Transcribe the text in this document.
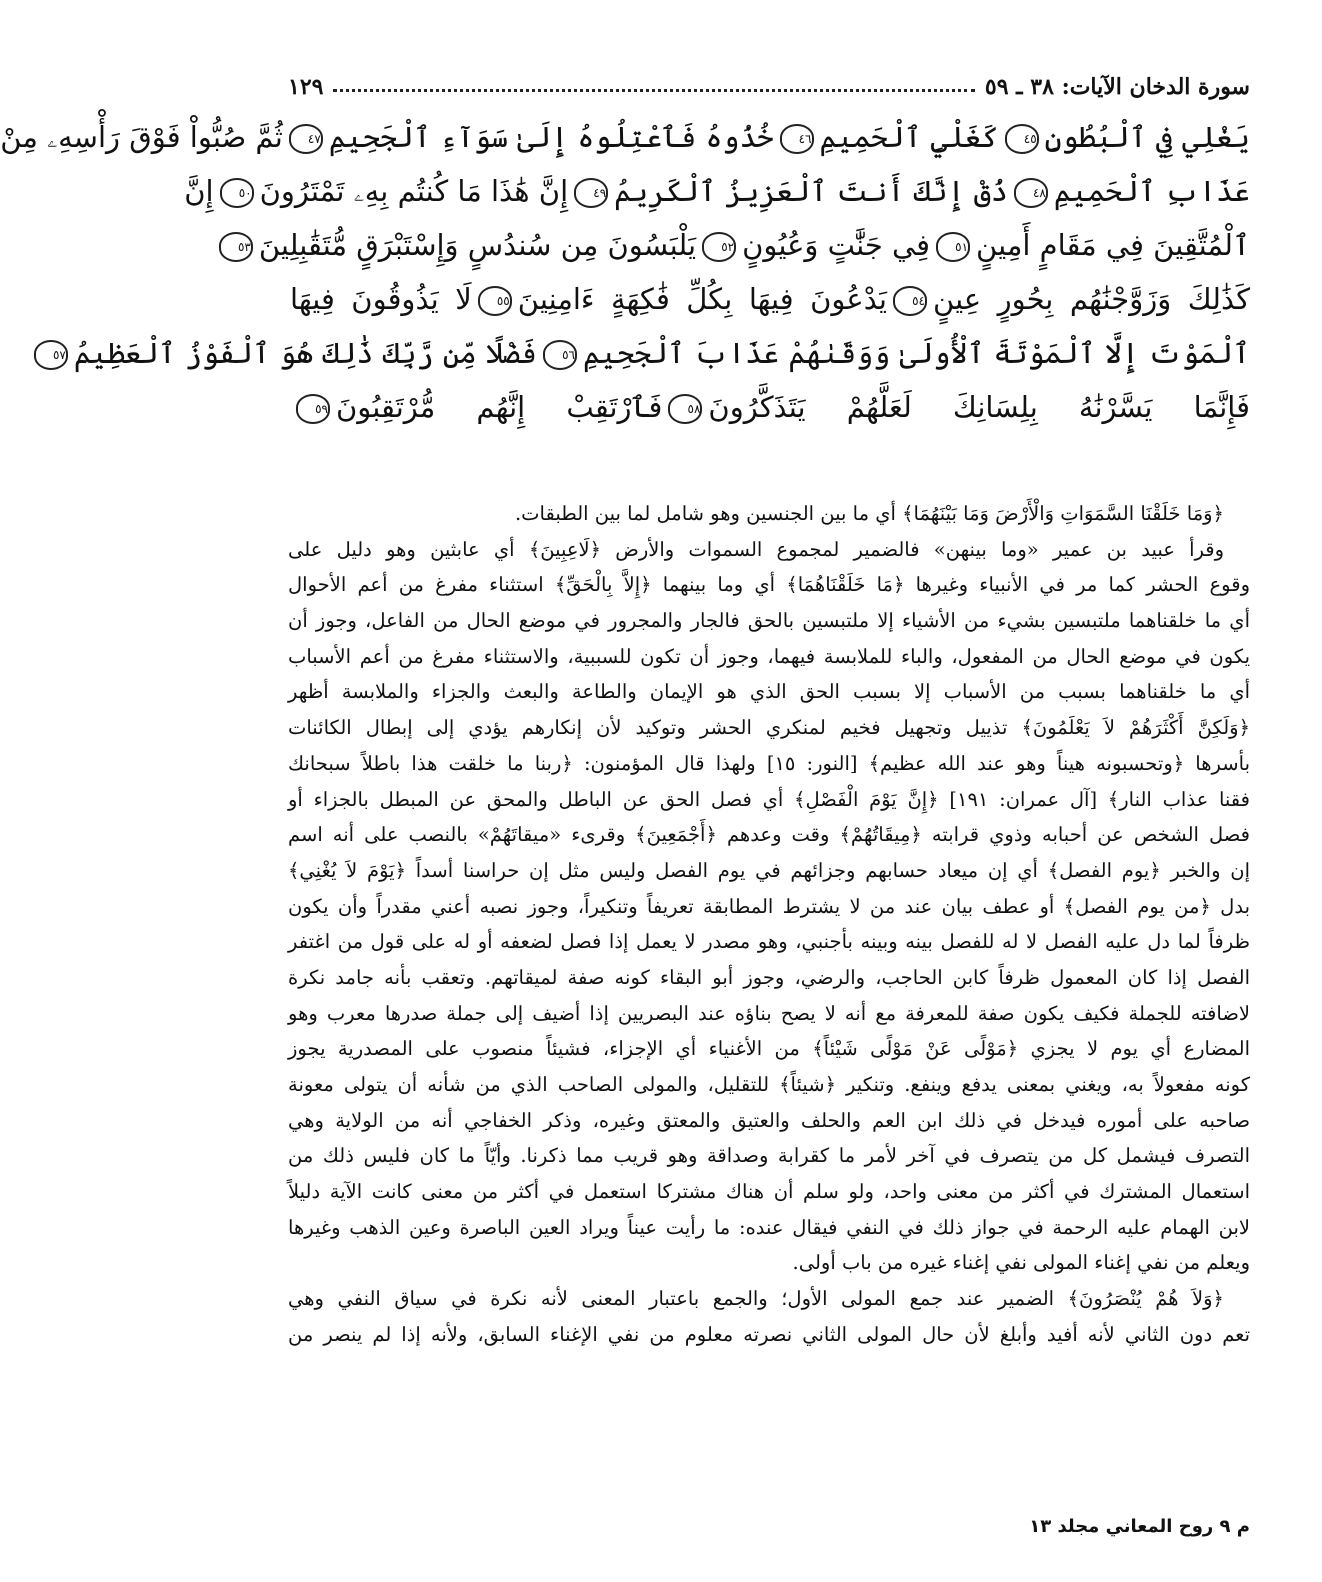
سورة الدخان الآيات: ٣٨ ـ ٥٩
١٢٩
يَغْلِي فِي ٱلْبُطُونِ٤٥كَغَلْيِ ٱلْحَمِيمِ٤٦خُذُوهُ فَٱعْتِلُوهُ إِلَىٰ سَوَآءِ ٱلْجَحِيمِ٤٧ثُمَّ صُبُّواْ فَوْقَ رَأْسِهِۦ مِنْ
عَذَابِ ٱلْحَمِيمِ٤٨ذُقْ إِنَّكَ أَنتَ ٱلْعَزِيزُ ٱلْكَرِيمُ٤٩إِنَّ هَٰذَا مَا كُنتُم بِهِۦ تَمْتَرُونَ٥٠إِنَّ
ٱلْمُتَّقِينَ فِي مَقَامٍ أَمِينٍ٥١فِي جَنَّٰتٍ وَعُيُونٍ٥٢يَلْبَسُونَ مِن سُندُسٍ وَإِسْتَبْرَقٍ مُّتَقَٰبِلِينَ٥٣
كَذَٰلِكَ وَزَوَّجْنَٰهُم بِحُورٍ عِينٍ٥٤يَدْعُونَ فِيهَا بِكُلِّ فَٰكِهَةٍ ءَامِنِينَ٥٥لَا يَذُوقُونَ فِيهَا
ٱلْمَوْتَ إِلَّا ٱلْمَوْتَةَ ٱلْأُولَىٰ وَوَقَىٰهُمْ عَذَابَ ٱلْجَحِيمِ٥٦فَضْلًا مِّن رَّبِّكَ ذَٰلِكَ هُوَ ٱلْفَوْزُ ٱلْعَظِيمُ٥٧
فَإِنَّمَا يَسَّرْنَٰهُ بِلِسَانِكَ لَعَلَّهُمْ يَتَذَكَّرُونَ٥٨فَٱرْتَقِبْ إِنَّهُم مُّرْتَقِبُونَ٥٩
﴿وَمَا خَلَقْنَا السَّمَوَاتِ وَالْأَرْضَ وَمَا بَيْنَهُمَا﴾ أي ما بين الجنسين وهو شامل لما بين الطبقات.
وقرأ عبيد بن عمير «وما بينهن» فالضمير لمجموع السموات والأرض ﴿لَاعِبِينَ﴾ أي عابثين وهو دليل على
وقوع الحشر كما مر في الأنبياء وغيرها ﴿مَا خَلَقْنَاهُمَا﴾ أي وما بينهما ﴿إِلاَّ بِالْحَقِّ﴾ استثناء مفرغ من أعم الأحوال
أي ما خلقناهما ملتبسين بشيء من الأشياء إلا ملتبسين بالحق فالجار والمجرور في موضع الحال من الفاعل، وجوز أن
يكون في موضع الحال من المفعول، والباء للملابسة فيهما، وجوز أن تكون للسببية، والاستثناء مفرغ من أعم الأسباب
أي ما خلقناهما بسبب من الأسباب إلا بسبب الحق الذي هو الإيمان والطاعة والبعث والجزاء والملابسة أظهر
﴿وَلَكِنَّ أَكْثَرَهُمْ لاَ يَعْلَمُونَ﴾ تذييل وتجهيل فخيم لمنكري الحشر وتوكيد لأن إنكارهم يؤدي إلى إبطال الكائنات
بأسرها ﴿وتحسبونه هيناً وهو عند الله عظيم﴾ [النور: ١٥] ولهذا قال المؤمنون: ﴿ربنا ما خلقت هذا باطلاً سبحانك
فقنا عذاب النار﴾ [آل عمران: ١٩١] ﴿إِنَّ يَوْمَ الْفَصْلِ﴾ أي فصل الحق عن الباطل والمحق عن المبطل بالجزاء أو
فصل الشخص عن أحبابه وذوي قرابته ﴿مِيقَاتُهُمْ﴾ وقت وعدهم ﴿أَجْمَعِينَ﴾ وقرىء «ميقاتَهُمْ» بالنصب على أنه اسم
إن والخبر ﴿يوم الفصل﴾ أي إن ميعاد حسابهم وجزائهم في يوم الفصل وليس مثل إن حراسنا أسداً ﴿يَوْمَ لاَ يُغْنِي﴾
بدل ﴿من يوم الفصل﴾ أو عطف بيان عند من لا يشترط المطابقة تعريفاً وتنكيراً، وجوز نصبه أعني مقدراً وأن يكون
ظرفاً لما دل عليه الفصل لا له للفصل بينه وبينه بأجنبي، وهو مصدر لا يعمل إذا فصل لضعفه أو له على قول من اغتفر
الفصل إذا كان المعمول ظرفاً كابن الحاجب، والرضي، وجوز أبو البقاء كونه صفة لميقاتهم. وتعقب بأنه جامد نكرة
لاضافته للجملة فكيف يكون صفة للمعرفة مع أنه لا يصح بناؤه عند البصريين إذا أضيف إلى جملة صدرها معرب وهو
المضارع أي يوم لا يجزي ﴿مَوْلًى عَنْ مَوْلًى شَيْئاً﴾ من الأغنياء أي الإجزاء، فشيئاً منصوب على المصدرية يجوز
كونه مفعولاً به، ويغني بمعنى يدفع وينفع. وتنكير ﴿شيئاً﴾ للتقليل، والمولى الصاحب الذي من شأنه أن يتولى معونة
صاحبه على أموره فيدخل في ذلك ابن العم والحلف والعتيق والمعتق وغيره، وذكر الخفاجي أنه من الولاية وهي
التصرف فيشمل كل من يتصرف في آخر لأمر ما كقرابة وصداقة وهو قريب مما ذكرنا. وأيّاً ما كان فليس ذلك من
استعمال المشترك في أكثر من معنى واحد، ولو سلم أن هناك مشتركا استعمل في أكثر من معنى كانت الآية دليلاً
لابن الهمام عليه الرحمة في جواز ذلك في النفي فيقال عنده: ما رأيت عيناً ويراد العين الباصرة وعين الذهب وغيرها
ويعلم من نفي إغناء المولى نفي إغناء غيره من باب أولى.
﴿وَلاَ هُمْ يُنْصَرُونَ﴾ الضمير عند جمع المولى الأول؛ والجمع باعتبار المعنى لأنه نكرة في سياق النفي وهي
تعم دون الثاني لأنه أفيد وأبلغ لأن حال المولى الثاني نصرته معلوم من نفي الإغناء السابق، ولأنه إذا لم ينصر من
م ٩ روح المعاني مجلد ١٣
